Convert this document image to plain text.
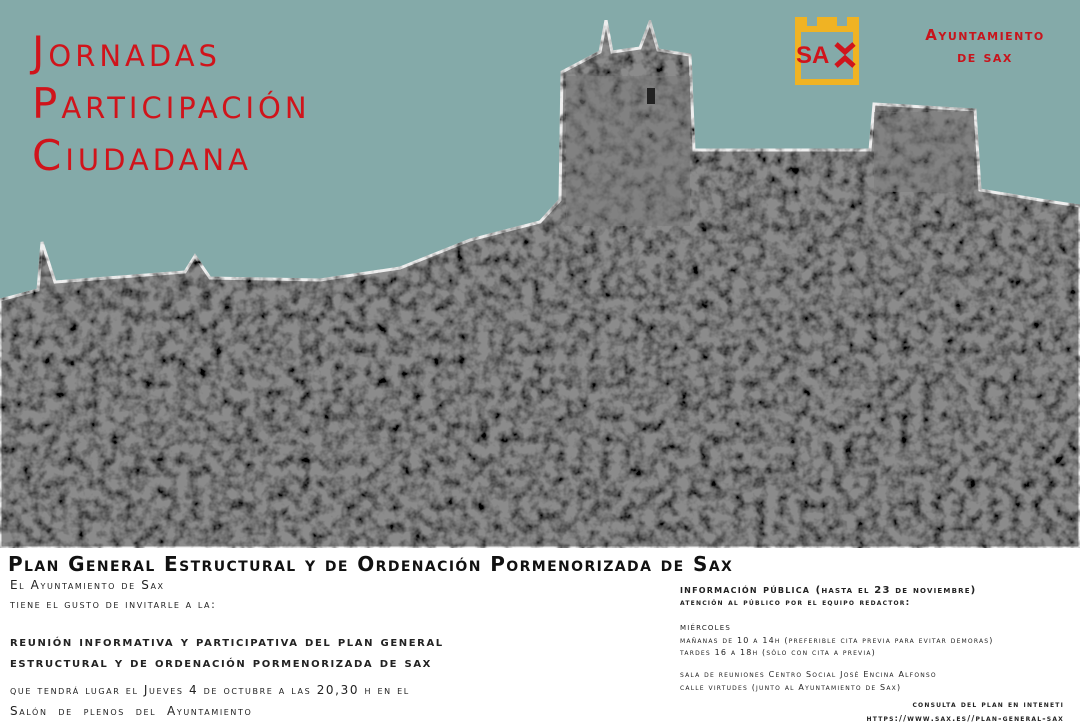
Jornadas
Participación
Ciudadana
SA
Ayuntamiento
de sax
Plan General Estructural y de Ordenación Pormenorizada de Sax
El Ayuntamiento de Sax
tiene el gusto de invitarle a la:
reunión informativa y participativa del plan general
estructural y de ordenación pormenorizada de sax
que tendrá lugar el Jueves 4 de octubre a las 20,30 h en el
Salón  de  plenos  del  Ayuntamiento
información pública (hasta el 23 de noviembre)
atención al público por el equipo redactor:
miércoles
mañanas de 10 a 14h (preferible cita previa para evitar demoras)
tardes 16 a 18h (sólo con cita a previa)
sala de reuniones Centro Social José Encina Alfonso
calle virtudes (junto al Ayuntamiento de Sax)
consulta del plan en inteneti
https://www.sax.es//plan-general-sax
